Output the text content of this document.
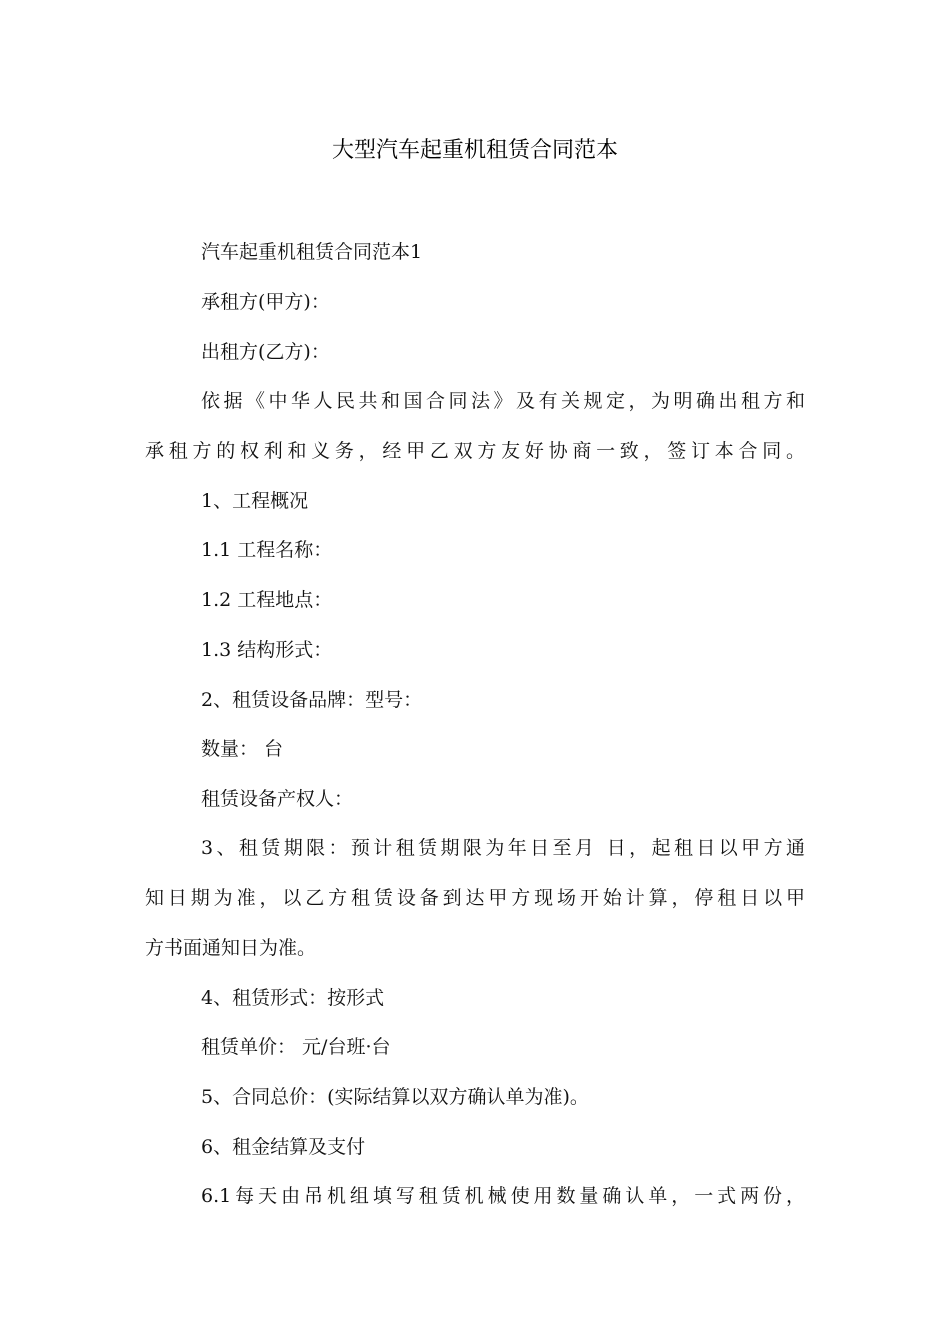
大型汽车起重机租赁合同范本

汽车起重机租赁合同范本1

承租方(甲方)：

出租方(乙方)：

依据《中华人民共和国合同法》及有关规定，为明确出租方和

承租方的权利和义务，经甲乙双方友好协商一致，签订本合同。

1、工程概况

1.1 工程名称：

1.2 工程地点：

1.3 结构形式：

2、租赁设备品牌：型号：

数量： 台

租赁设备产权人：

3、租赁期限：预计租赁期限为年日至月 日，起租日以甲方通

知日期为准，以乙方租赁设备到达甲方现场开始计算，停租日以甲

方书面通知日为准。

4、租赁形式：按形式

租赁单价： 元/台班·台

5、合同总价：(实际结算以双方确认单为准)。

6、租金结算及支付

6.1每天由吊机组填写租赁机械使用数量确认单，一式两份，
